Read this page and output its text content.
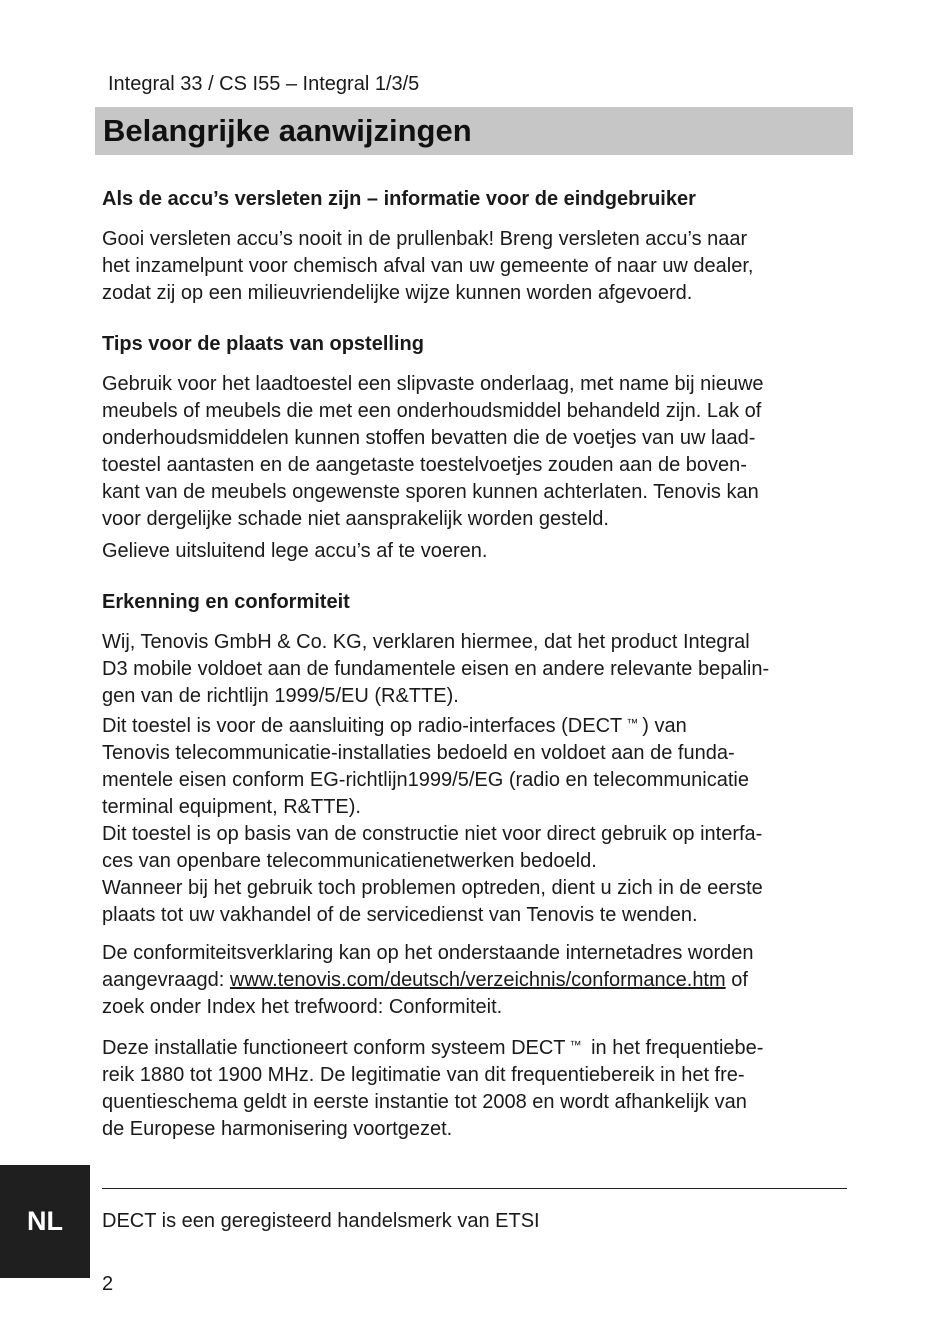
Integral 33 / CS I55 – Integral 1/3/5
Belangrijke aanwijzingen
Als de accu’s versleten zijn – informatie voor de eindgebruiker

Gooi versleten accu’s nooit in de prullenbak! Breng versleten accu’s naar
het inzamelpunt voor chemisch afval van uw gemeente of naar uw dealer,
zodat zij op een milieuvriendelijke wijze kunnen worden afgevoerd.

Tips voor de plaats van opstelling

Gebruik voor het laadtoestel een slipvaste onderlaag, met name bij nieuwe
meubels of meubels die met een onderhoudsmiddel behandeld zijn. Lak of
onderhoudsmiddelen kunnen stoffen bevatten die de voetjes van uw laad-
toestel aantasten en de aangetaste toestelvoetjes zouden aan de boven-
kant van de meubels ongewenste sporen kunnen achterlaten. Tenovis kan
voor dergelijke schade niet aansprakelijk worden gesteld.

Gelieve uitsluitend lege accu’s af te voeren.

Erkenning en conformiteit

Wij, Tenovis GmbH & Co. KG, verklaren hiermee, dat het product Integral
D3 mobile voldoet aan de fundamentele eisen en andere relevante bepalin-
gen van de richtlijn 1999/5/EU (R&TTE).
Dit toestel is voor de aansluiting op radio-interfaces (DECT ™ ) van
Tenovis telecommunicatie-installaties bedoeld en voldoet aan de funda-
mentele eisen conform EG-richtlijn1999/5/EG (radio en telecommunicatie
terminal equipment, R&TTE).
Dit toestel is op basis van de constructie niet voor direct gebruik op interfa-
ces van openbare telecommunicatienetwerken bedoeld.
Wanneer bij het gebruik toch problemen optreden, dient u zich in de eerste
plaats tot uw vakhandel of de servicedienst van Tenovis te wenden.

De conformiteitsverklaring kan op het onderstaande internetadres worden
aangevraagd: www.tenovis.com/deutsch/verzeichnis/conformance.htm of
zoek onder Index het trefwoord: Conformiteit.

Deze installatie functioneert conform systeem DECT ™ in het frequentiebe-
reik 1880 tot 1900 MHz. De legitimatie van dit frequentiebereik in het fre-
quentieschema geldt in eerste instantie tot 2008 en wordt afhankelijk van
de Europese harmonisering voortgezet.

DECT is een geregisteerd handelsmerk van ETSI
NL
2
